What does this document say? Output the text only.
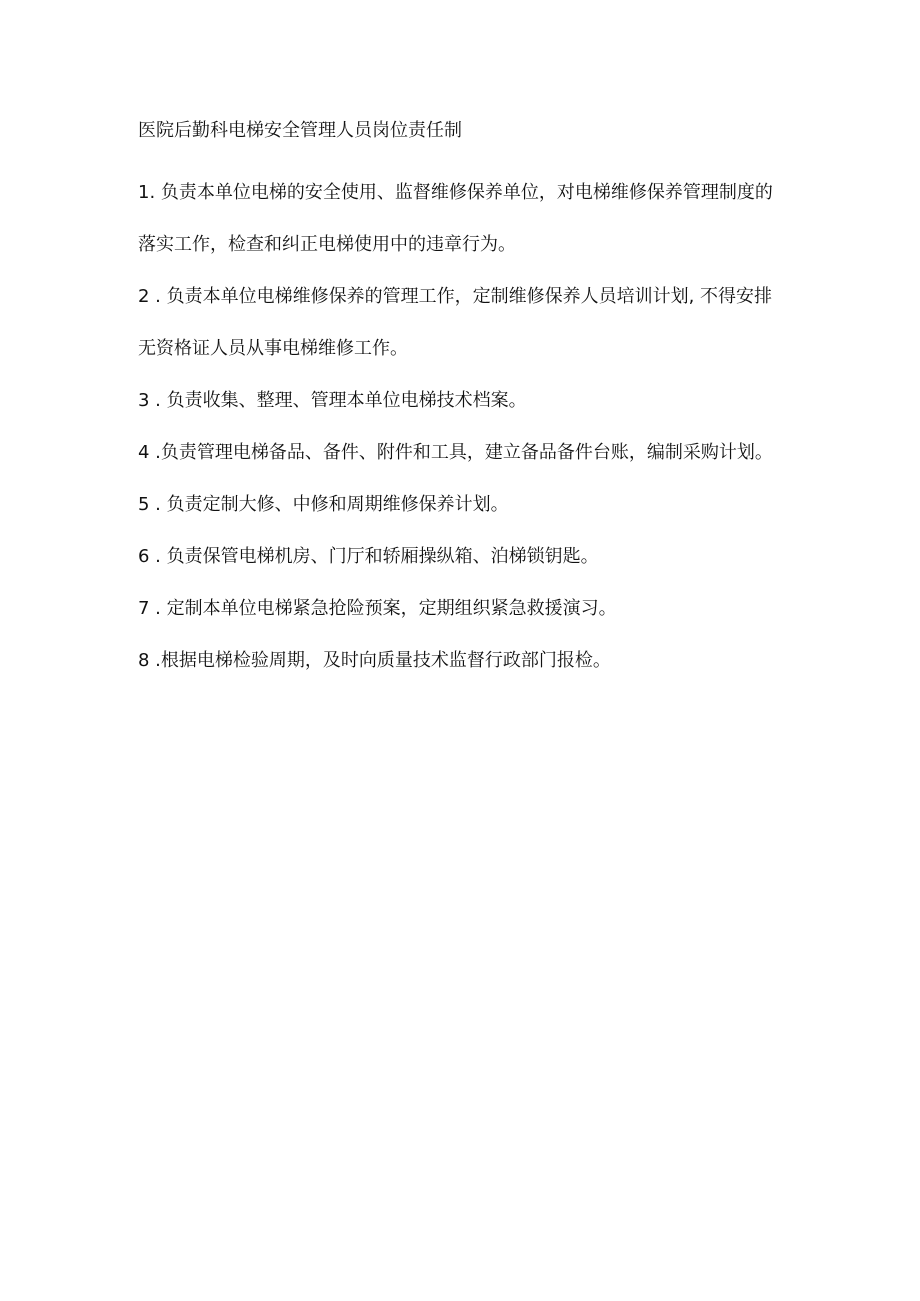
医院后勤科电梯安全管理人员岗位责任制

1. 负责本单位电梯的安全使用、监督维修保养单位，对电梯维修保养管理制度的落实工作，检查和纠正电梯使用中的违章行为。

2 . 负责本单位电梯维修保养的管理工作，定制维修保养人员培训计划, 不得安排无资格证人员从事电梯维修工作。

3 . 负责收集、整理、管理本单位电梯技术档案。

4 .负责管理电梯备品、备件、附件和工具，建立备品备件台账，编制采购计划。

5 . 负责定制大修、中修和周期维修保养计划。

6 . 负责保管电梯机房、门厅和轿厢操纵箱、泊梯锁钥匙。

7 . 定制本单位电梯紧急抢险预案，定期组织紧急救援演习。

8 .根据电梯检验周期，及时向质量技术监督行政部门报检。
